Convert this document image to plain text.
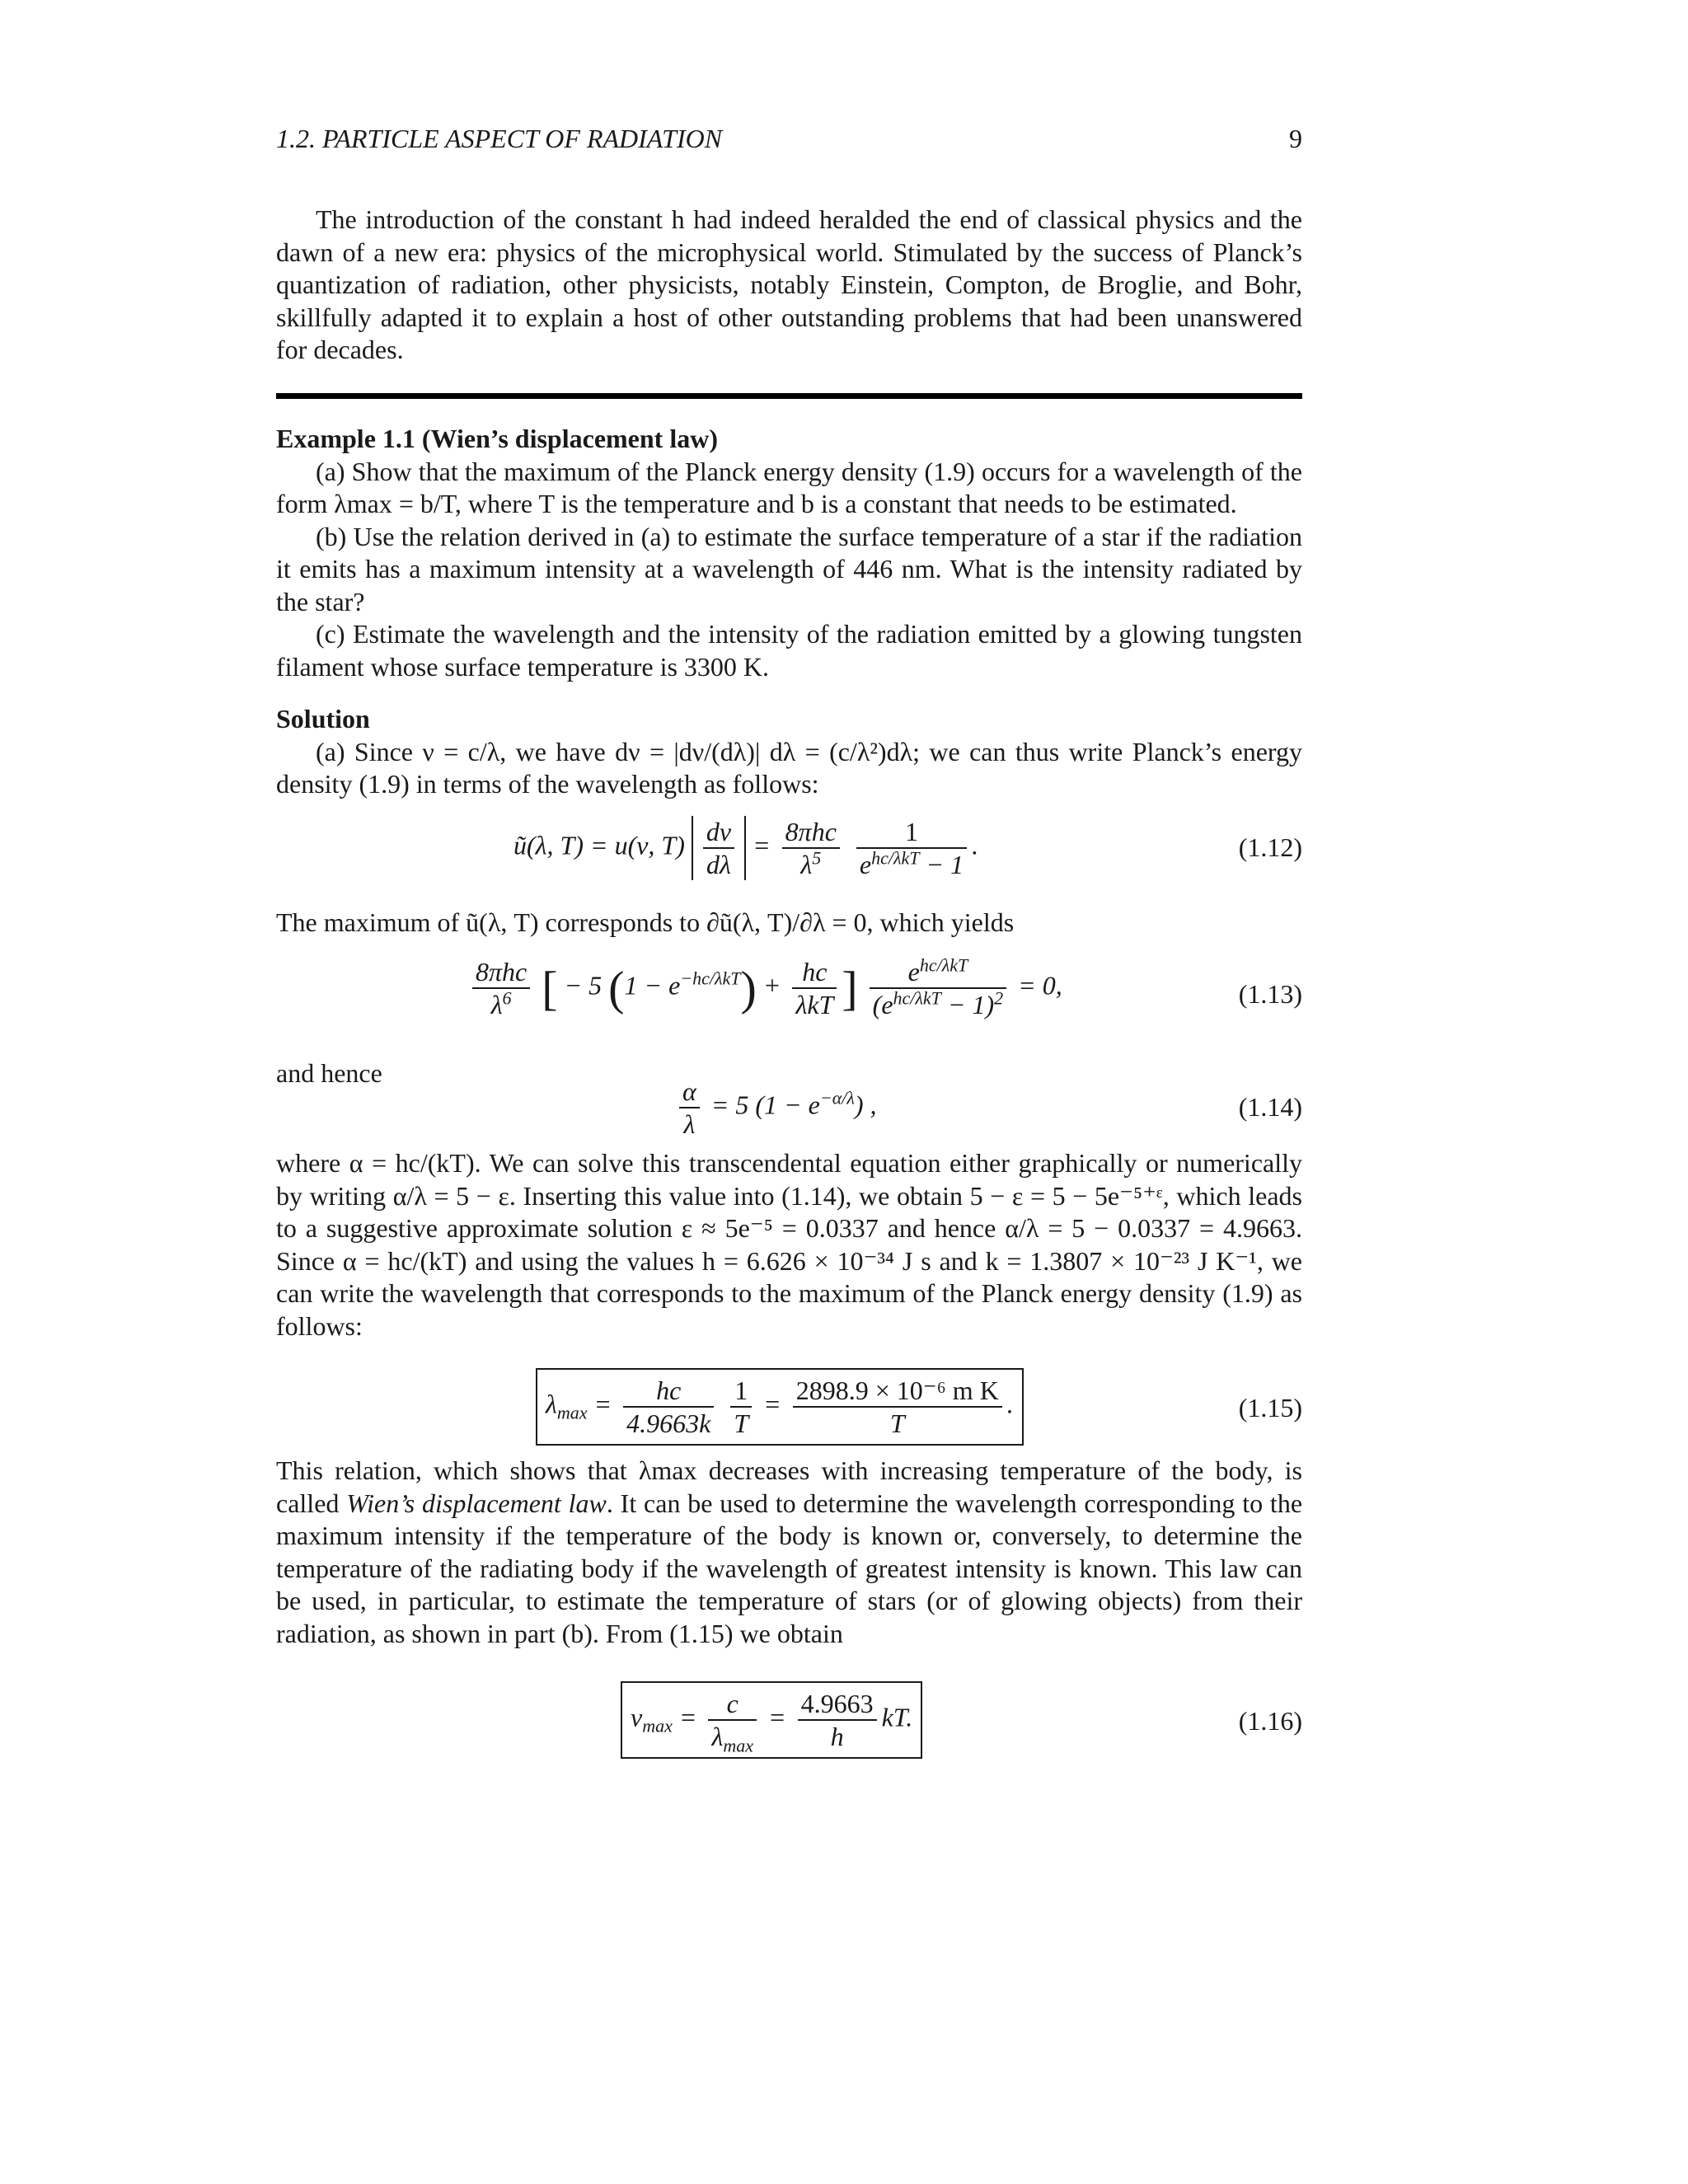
1.2. PARTICLE ASPECT OF RADIATION	9

The introduction of the constant h had indeed heralded the end of classical physics and the dawn of a new era: physics of the microphysical world. Stimulated by the success of Planck’s quantization of radiation, other physicists, notably Einstein, Compton, de Broglie, and Bohr, skillfully adapted it to explain a host of other outstanding problems that had been unanswered for decades.

Example 1.1 (Wien’s displacement law)

(a) Show that the maximum of the Planck energy density (1.9) occurs for a wavelength of the form λmax = b/T, where T is the temperature and b is a constant that needs to be estimated.

(b) Use the relation derived in (a) to estimate the surface temperature of a star if the radiation it emits has a maximum intensity at a wavelength of 446 nm. What is the intensity radiated by the star?

(c) Estimate the wavelength and the intensity of the radiation emitted by a glowing tungsten filament whose surface temperature is 3300 K.

Solution

(a) Since ν = c/λ, we have dν = |dν/(dλ)| dλ = (c/λ²)dλ; we can thus write Planck’s energy density (1.9) in terms of the wavelength as follows:

ũ(λ, T) = u(ν, $T) \frac{d\nu}{d\lambda} = \frac{\text{8πhc}}{\lambda^5}$
$\frac{1}{e^{hc/\lambda kT} - 1}$ .	(1.12)

The maximum of ũ(λ, T) corresponds to ∂ũ(λ, T)/∂λ = 0, which yields

$\frac{\text{8πhc}}{\lambda^6}$ [ − 5 $(1 - e^{-hc/\lambda kT}) + \frac{hc}{\text{λkT}}$ ] $\frac{e^{hc/\lambda kT}}{(e^{hc/\lambda kT} - 1)^2} = 0$,	(1.13)

and hence

$\frac{\alpha}{\lambda} = 5$ $(1 - e^{-\alpha/\lambda})$ ,	(1.14)

where α = hc/(kT). We can solve this transcendental equation either graphically or numerically by writing α/λ = 5 − ε. Inserting this value into (1.14), we obtain 5 − ε = 5 − 5e⁻⁵⁺ᵋ, which leads to a suggestive approximate solution ε ≈ 5e⁻⁵ = 0.0337 and hence α/λ = 5 − 0.0337 = 4.9663. Since α = hc/(kT) and using the values h = 6.626 × 10⁻³⁴ J s and k = 1.3807 × 10⁻²³ J K⁻¹, we can write the wavelength that corresponds to the maximum of the Planck energy density (1.9) as follows:

$\lambda_{max} = \frac{hc}{4.9663k}$
$\frac{1}{T} = \frac{\text{2898.9 × 10⁻⁶ m K}}{T}$ .	(1.15)

This relation, which shows that λmax decreases with increasing temperature of the body, is called Wien’s displacement law. It can be used to determine the wavelength corresponding to the maximum intensity if the temperature of the body is known or, conversely, to determine the temperature of the radiating body if the wavelength of greatest intensity is known. This law can be used, in particular, to estimate the temperature of stars (or of glowing objects) from their radiation, as shown in part (b). From (1.15) we obtain

$\nu_{max} = \frac{c}{\lambda_{max}} = \frac{4.9663}{h}$ kT.	(1.16)
